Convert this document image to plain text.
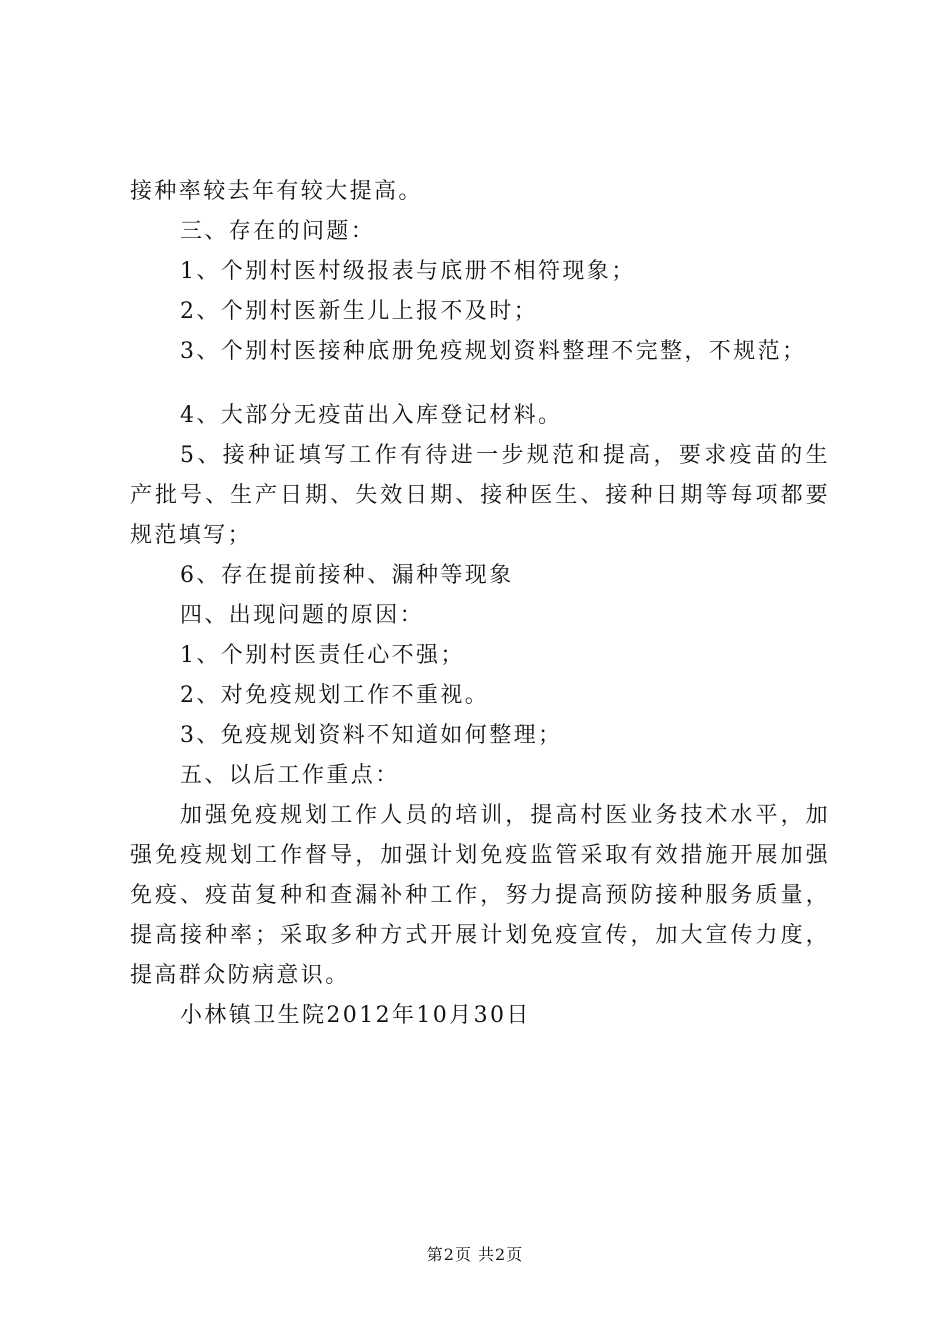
接种率较去年有较大提高。
三、存在的问题：
1、个别村医村级报表与底册不相符现象；
2、个别村医新生儿上报不及时；
3、个别村医接种底册免疫规划资料整理不完整，不规范；
4、大部分无疫苗出入库登记材料。
5、接种证填写工作有待进一步规范和提高，要求疫苗的生产批号、生产日期、失效日期、接种医生、接种日期等每项都要规范填写；
6、存在提前接种、漏种等现象
四、出现问题的原因：
1、个别村医责任心不强；
2、对免疫规划工作不重视。
3、免疫规划资料不知道如何整理；
五、以后工作重点：
加强免疫规划工作人员的培训，提高村医业务技术水平，加强免疫规划工作督导，加强计划免疫监管采取有效措施开展加强免疫、疫苗复种和查漏补种工作，努力提高预防接种服务质量，提高接种率；采取多种方式开展计划免疫宣传，加大宣传力度，提高群众防病意识。
小林镇卫生院2012年10月30日
第2页 共2页
